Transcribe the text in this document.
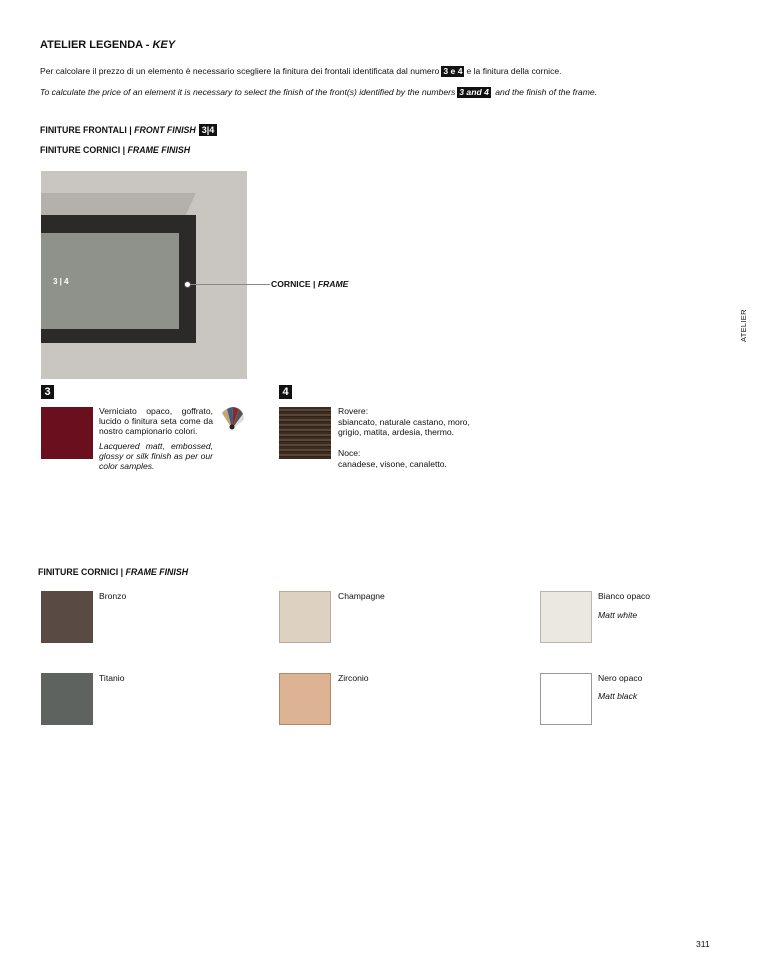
ATELIER LEGENDA - KEY
Per calcolare il prezzo di un elemento è necessario scegliere la finitura dei frontali identificata dal numero 3 e 4 e la finitura della cornice.
To calculate the price of an element it is necessary to select the finish of the front(s) identified by the numbers 3 and 4 and the finish of the frame.
FINITURE FRONTALI | FRONT FINISH 3|4
FINITURE CORNICI | FRAME FINISH
3 | 4	CORNICE | FRAME
ATELIER
3
Verniciato opaco, goffrato, lucido o finitura seta come da nostro campionario colori.
Lacquered matt, embossed, glossy or silk finish as per our color samples.
4
Rovere:
sbiancato, naturale castano, moro, grigio, matita, ardesia, thermo.
Noce:
canadese, visone, canaletto.
FINITURE CORNICI | FRAME FINISH
Bronzo	Champagne	Bianco opaco
Matt white
Titanio	Zirconio	Nero opaco
Matt black
311
